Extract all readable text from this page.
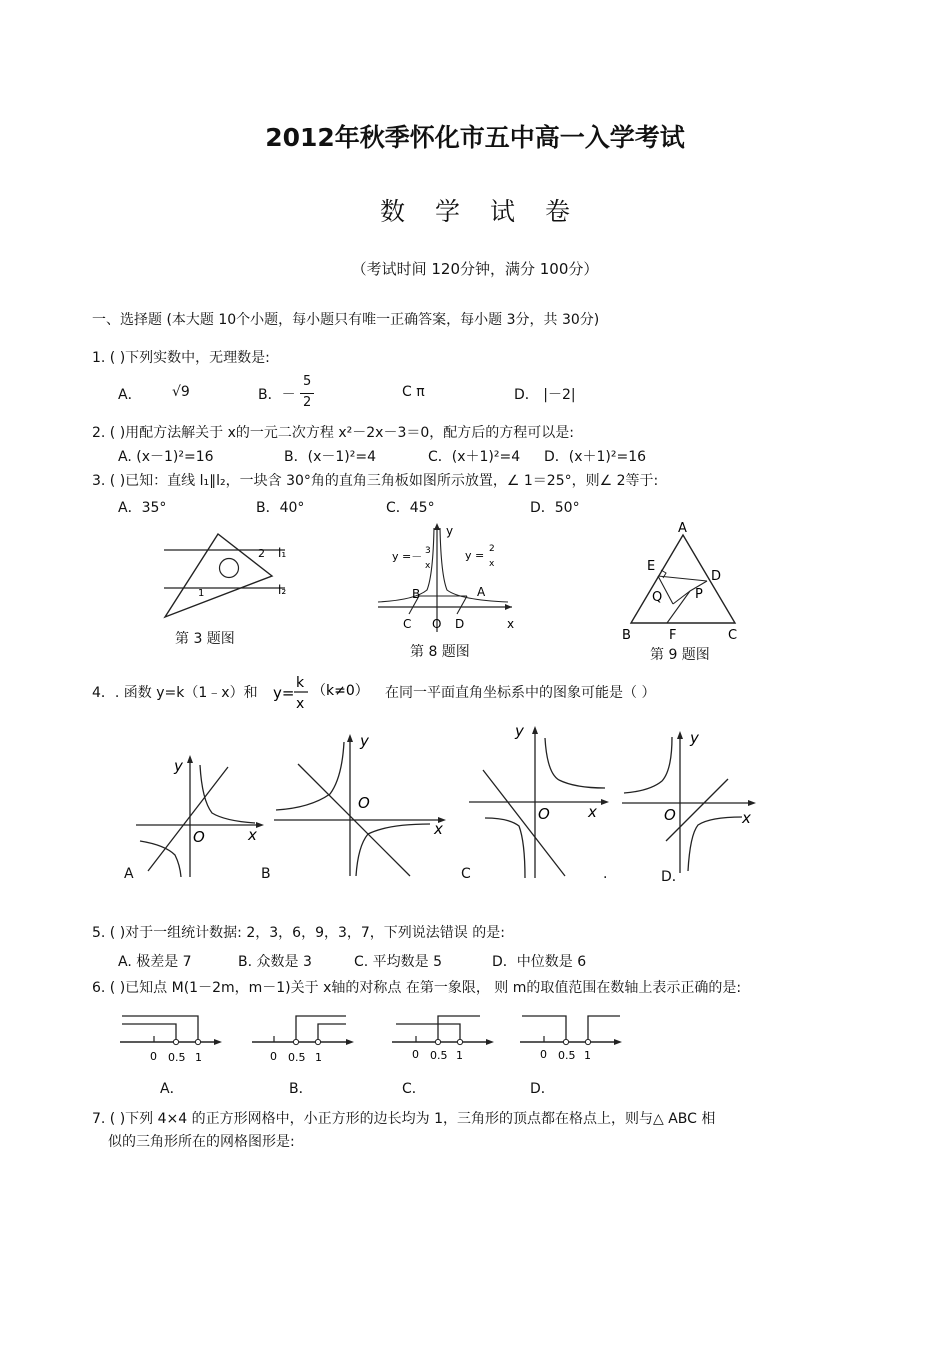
2012年秋季怀化市五中高一入学考试
数学试卷
（考试时间 120分钟，满分 100分）
一、选择题 (本大题 10个小题，每小题只有唯一正确答案，每小题 3分，共 30分)
1. ( )下列实数中，无理数是:
A． √9	B．－
5
2
C π	D． |－2|
2. ( )用配方法解关于 x的一元二次方程 x²－2x－3＝0，配方后的方程可以是:
A. (x－1)²=16	B．(x－1)²=4	C．(x＋1)²=4 D．(x＋1)²=16
3. ( )已知：直线 l₁∥l₂，一块含 30°角的直角三角板如图所示放置，∠ 1＝25°，则∠ 2等于:
A．35°	B．40°	C．45°	D．50°
2 l₁
1	l₂
第 3 题图
y
y =－ 3
x
y = 2
x
B	A
C O D	x
第 8 题图
A
E
D
Q	P
B	F	C
第 9 题图
4．. 函数 y=k（1﹣x）和 y=
k
x
（k≠0） 在同一平面直角坐标系中的图象可能是（ ）
y
O	x
y
O
x
y
O	x
y
O	x
A	B	C	.	D．
5. ( )对于一组统计数据: 2，3，6，9，3，7，下列说法错误 的是:
A. 极差是 7	B. 众数是 3	C. 平均数是 5	D．中位数是 6
6. ( )已知点 M(1－2m，m－1)关于 x轴的对称点 在第一象限， 则 m的取值范围在数轴上表示正确的是:
0 0.5 1	0 0.5 1	0 0.5 1	0 0.5 1
A．	B．	C．	D．
7. ( )下列 4×4 的正方形网格中，小正方形的边长均为 1，三角形的顶点都在格点上，则与△ ABC 相
似的三角形所在的网格图形是:
